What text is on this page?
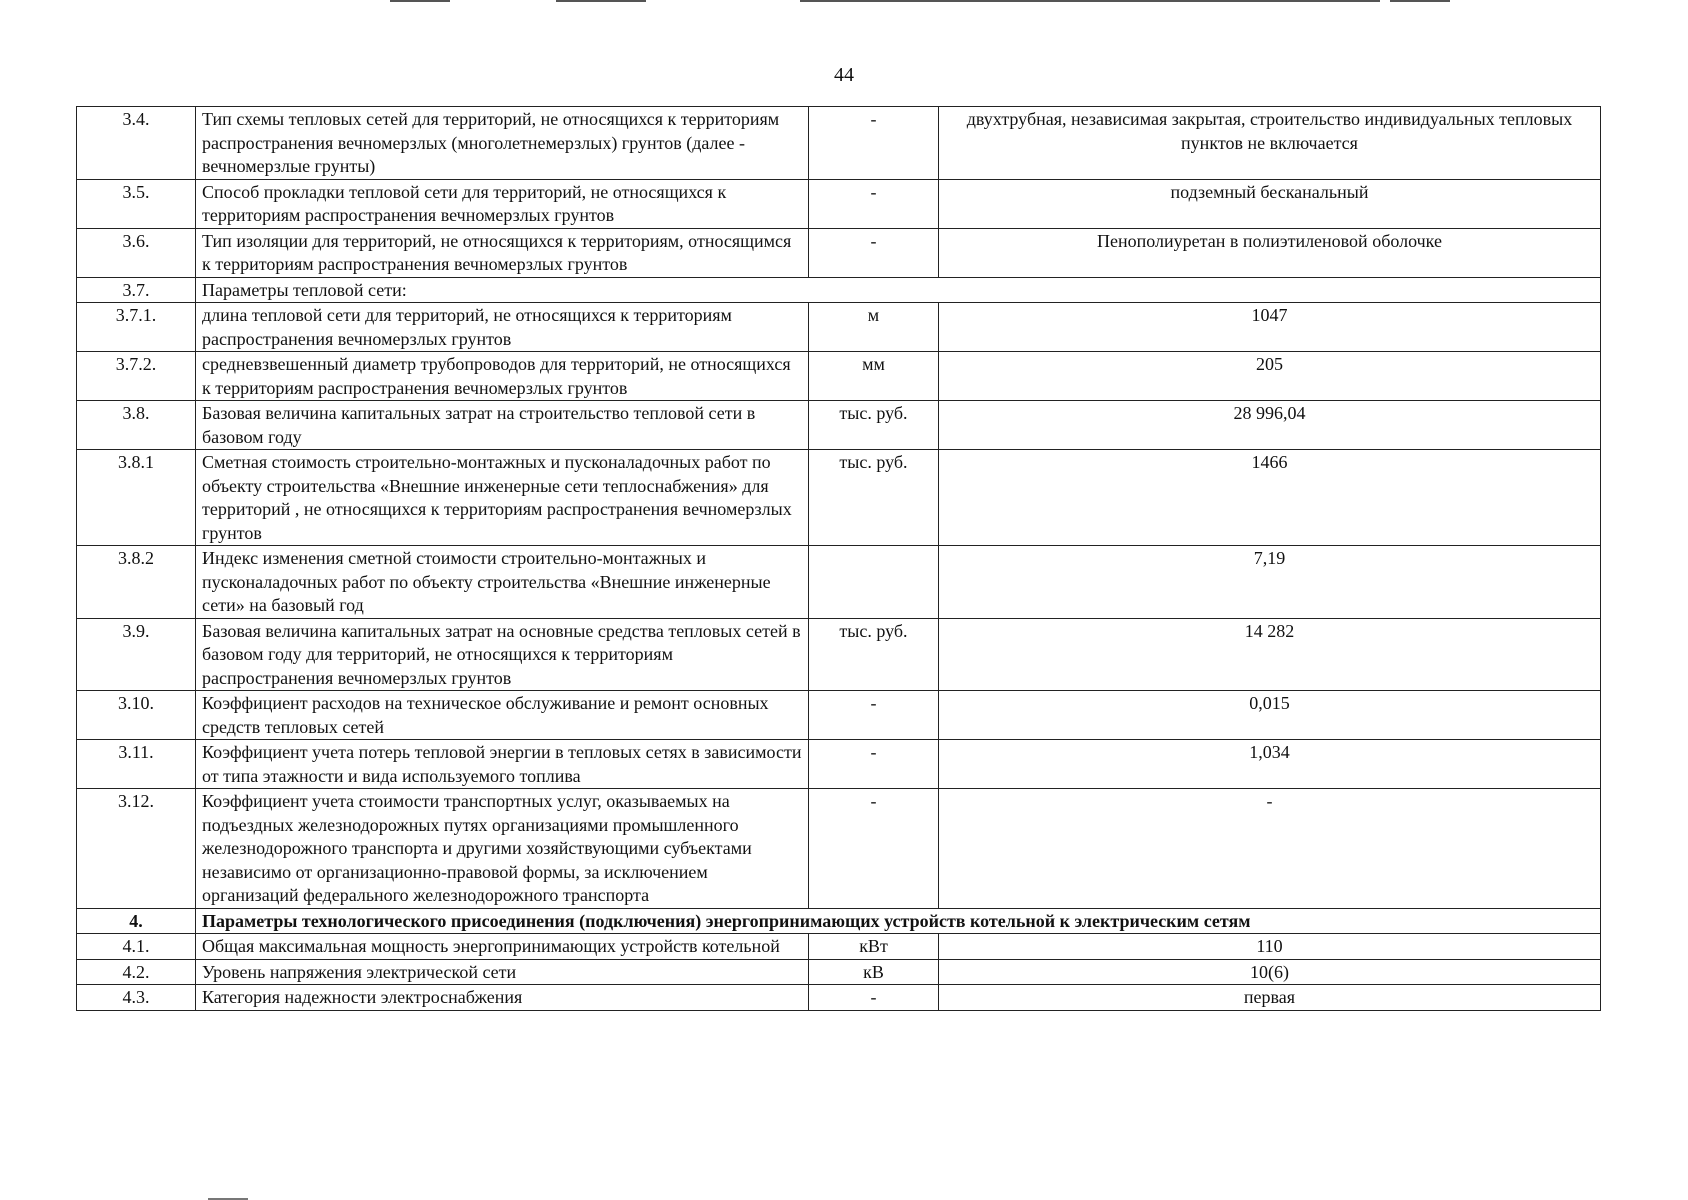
44
3.4.	Тип схемы тепловых сетей для территорий, не относящихся к территориям распространения вечномерзлых (многолетнемерзлых) грунтов (далее - вечномерзлые грунты)	-	двухтрубная, независимая закрытая, строительство индивидуальных тепловых пунктов не включается
3.5.	Способ прокладки тепловой сети для территорий, не относящихся к территориям распространения вечномерзлых грунтов	-	подземный бесканальный
3.6.	Тип изоляции для территорий, не относящихся к территориям, относящимся к территориям распространения вечномерзлых грунтов	-	Пенополиуретан в полиэтиленовой оболочке
3.7.	Параметры тепловой сети:		
3.7.1.	длина тепловой сети для территорий, не относящихся к территориям распространения вечномерзлых грунтов	м	1047
3.7.2.	средневзвешенный диаметр трубопроводов для территорий, не относящихся к территориям распространения вечномерзлых грунтов	мм	205
3.8.	Базовая величина капитальных затрат на строительство тепловой сети в базовом году	тыс. руб.	28 996,04
3.8.1	Сметная стоимость строительно-монтажных и пусконаладочных работ по объекту строительства «Внешние инженерные сети теплоснабжения» для территорий , не относящихся к территориям распространения вечномерзлых грунтов	тыс. руб.	1466
3.8.2	Индекс изменения сметной стоимости строительно-монтажных и пусконаладочных работ по объекту строительства «Внешние инженерные сети» на базовый год		7,19
3.9.	Базовая величина капитальных затрат на основные средства тепловых сетей в базовом году для территорий, не относящихся к территориям распространения вечномерзлых грунтов	тыс. руб.	14 282
3.10.	Коэффициент расходов на техническое обслуживание и ремонт основных средств тепловых сетей	-	0,015
3.11.	Коэффициент учета потерь тепловой энергии в тепловых сетях в зависимости от типа этажности и вида используемого топлива	-	1,034
3.12.	Коэффициент учета стоимости транспортных услуг, оказываемых на подъездных железнодорожных путях организациями промышленного железнодорожного транспорта и другими хозяйствующими субъектами независимо от организационно-правовой формы, за исключением организаций федерального железнодорожного транспорта	-	-
4.	Параметры технологического присоединения (подключения) энергопринимающих устройств котельной к электрическим сетям		
4.1.	Общая максимальная мощность энергопринимающих устройств котельной	кВт	110
4.2.	Уровень напряжения электрической сети	кВ	10(6)
4.3.	Категория надежности электроснабжения	-	первая
